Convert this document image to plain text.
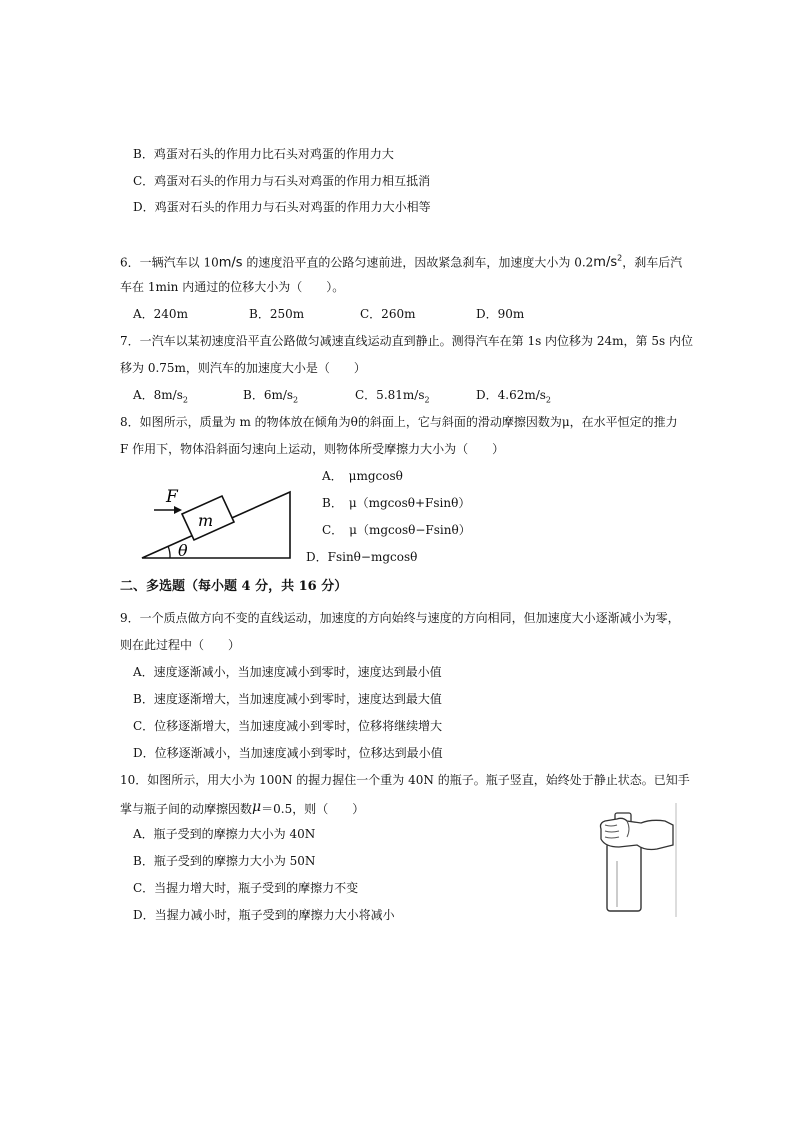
B．鸡蛋对石头的作用力比石头对鸡蛋的作用力大
C．鸡蛋对石头的作用力与石头对鸡蛋的作用力相互抵消
D．鸡蛋对石头的作用力与石头对鸡蛋的作用力大小相等
6．一辆汽车以 10m/s 的速度沿平直的公路匀速前进，因故紧急刹车，加速度大小为 $0.2m/s^2$，刹车后汽
车在 1min 内通过的位移大小为（　　）。
A．240m	B．250m	C．260m	D．90m
7．一汽车以某初速度沿平直公路做匀减速直线运动直到静止。测得汽车在第 1s 内位移为 24m，第 5s 内位
移为 0.75m，则汽车的加速度大小是（　　）
A．$8m/s_2$	B．$6m/s_2$	C．$5.81m/s_2$	D．$4.62m/s_2$
8．如图所示，质量为 m 的物体放在倾角为θ的斜面上，它与斜面的滑动摩擦因数为μ，在水平恒定的推力
F 作用下，物体沿斜面匀速向上运动，则物体所受摩擦力大小为（　　）
A．　μmgcosθ
B．　μ（mgcosθ+Fsinθ）
C．　μ（mgcosθ−Fsinθ）
D．Fsinθ−mgcosθ
F
m
θ
二、多选题（每小题 4 分，共 16 分）
9．一个质点做方向不变的直线运动，加速度的方向始终与速度的方向相同，但加速度大小逐渐减小为零，
则在此过程中（　　）
A．速度逐渐减小，当加速度减小到零时，速度达到最小值
B．速度逐渐增大，当加速度减小到零时，速度达到最大值
C．位移逐渐增大，当加速度减小到零时，位移将继续增大
D．位移逐渐减小，当加速度减小到零时，位移达到最小值
10．如图所示，用大小为 100N 的握力握住一个重为 40N 的瓶子。瓶子竖直，始终处于静止状态。已知手
掌与瓶子间的动摩擦因数μ＝0.5，则（　　）
A．瓶子受到的摩擦力大小为 40N
B．瓶子受到的摩擦力大小为 50N
C．当握力增大时，瓶子受到的摩擦力不变
D．当握力减小时，瓶子受到的摩擦力大小将减小
